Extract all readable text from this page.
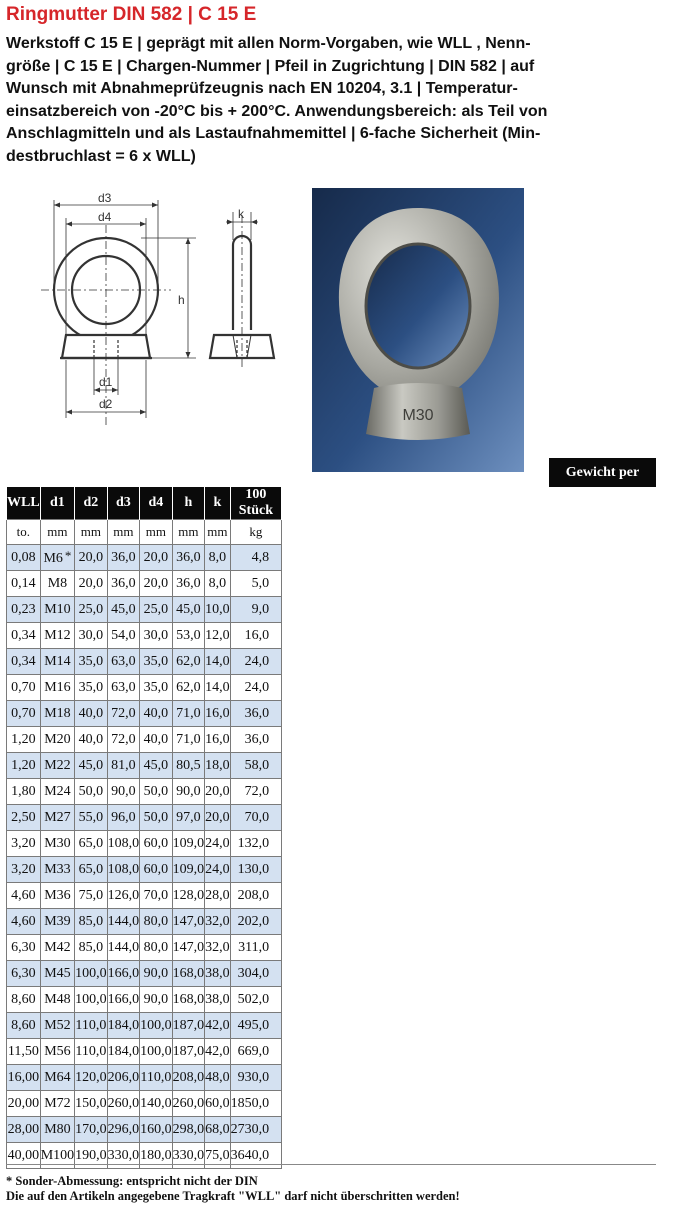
Ringmutter DIN 582 | C 15 E

Werkstoff C 15 E | geprägt mit allen Norm-Vorgaben, wie WLL , Nenn-
größe | C 15 E | Chargen-Nummer | Pfeil in Zugrichtung | DIN 582 | auf
Wunsch mit Abnahmeprüfzeugnis nach EN 10204, 3.1 | Temperatur-
einsatzbereich von -20°C bis + 200°C. Anwendungsbereich: als Teil von
Anschlagmitteln und als Lastaufnahmemittel | 6-fache Sicherheit (Min-
destbruchlast = 6 x WLL)

d3
d4
h
k
d1
d2
M30
Gewicht per
WLL	d1	d2	d3	d4	h	k	100 Stück
to.	mm	mm	mm	mm	mm	mm	kg
0,08	M6 *	20,0	36,0	20,0	36,0	8,0	4,8
0,14	M8	20,0	36,0	20,0	36,0	8,0	5,0
0,23	M10	25,0	45,0	25,0	45,0	10,0	9,0
0,34	M12	30,0	54,0	30,0	53,0	12,0	16,0
0,34	M14	35,0	63,0	35,0	62,0	14,0	24,0
0,70	M16	35,0	63,0	35,0	62,0	14,0	24,0
0,70	M18	40,0	72,0	40,0	71,0	16,0	36,0
1,20	M20	40,0	72,0	40,0	71,0	16,0	36,0
1,20	M22	45,0	81,0	45,0	80,5	18,0	58,0
1,80	M24	50,0	90,0	50,0	90,0	20,0	72,0
2,50	M27	55,0	96,0	50,0	97,0	20,0	70,0
3,20	M30	65,0	108,0	60,0	109,0	24,0	132,0
3,20	M33	65,0	108,0	60,0	109,0	24,0	130,0
4,60	M36	75,0	126,0	70,0	128,0	28,0	208,0
4,60	M39	85,0	144,0	80,0	147,0	32,0	202,0
6,30	M42	85,0	144,0	80,0	147,0	32,0	311,0
6,30	M45	100,0	166,0	90,0	168,0	38,0	304,0
8,60	M48	100,0	166,0	90,0	168,0	38,0	502,0
8,60	M52	110,0	184,0	100,0	187,0	42,0	495,0
11,50	M56	110,0	184,0	100,0	187,0	42,0	669,0
16,00	M64	120,0	206,0	110,0	208,0	48,0	930,0
20,00	M72	150,0	260,0	140,0	260,0	60,0	1850,0
28,00	M80	170,0	296,0	160,0	298,0	68,0	2730,0
40,00	M100	190,0	330,0	180,0	330,0	75,0	3640,0
* Sonder-Abmessung: entspricht nicht der DIN
Die auf den Artikeln angegebene Tragkraft "WLL" darf nicht überschritten werden!
